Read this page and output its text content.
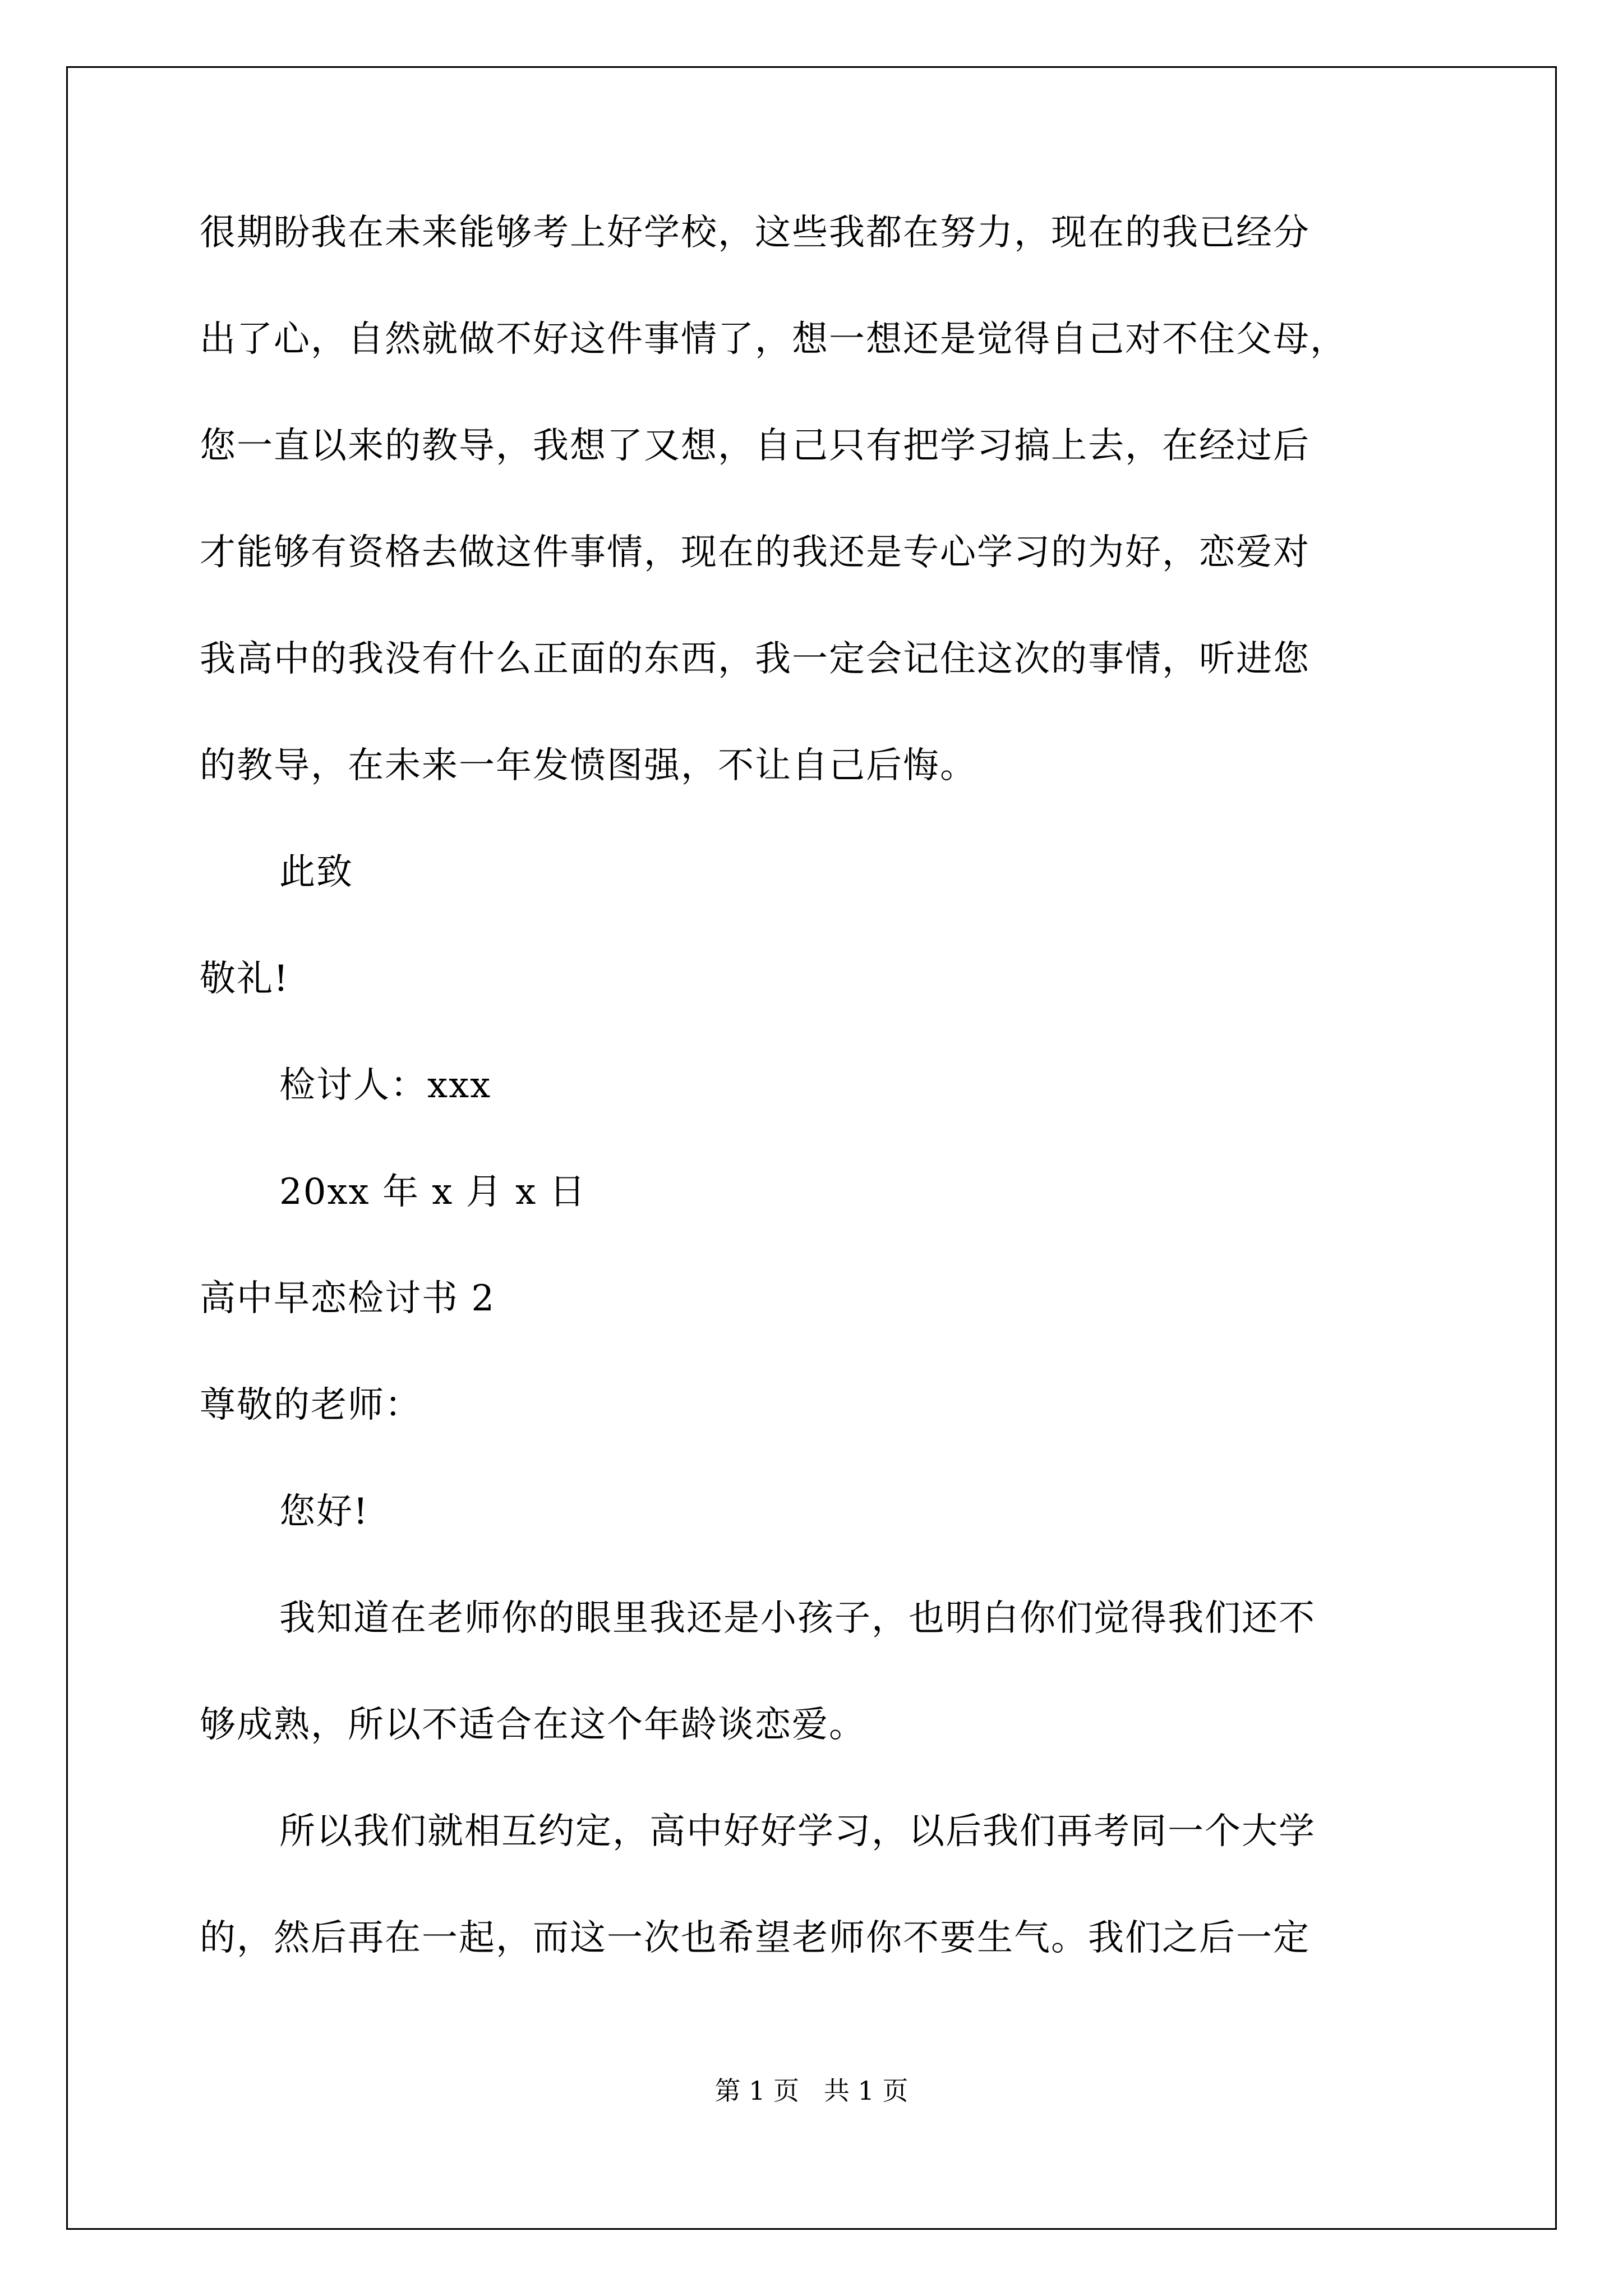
很期盼我在未来能够考上好学校，这些我都在努力，现在的我已经分
出了心，自然就做不好这件事情了，想一想还是觉得自己对不住父母，
您一直以来的教导，我想了又想，自己只有把学习搞上去，在经过后
才能够有资格去做这件事情，现在的我还是专心学习的为好，恋爱对
我高中的我没有什么正面的东西，我一定会记住这次的事情，听进您
的教导，在未来一年发愤图强，不让自己后悔。
此致
敬礼!
检讨人：xxx
20xx 年 x 月 x 日
高中早恋检讨书 2
尊敬的老师：
您好!
我知道在老师你的眼里我还是小孩子，也明白你们觉得我们还不
够成熟，所以不适合在这个年龄谈恋爱。
所以我们就相互约定，高中好好学习，以后我们再考同一个大学
的，然后再在一起，而这一次也希望老师你不要生气。我们之后一定
第 1 页   共 1 页
